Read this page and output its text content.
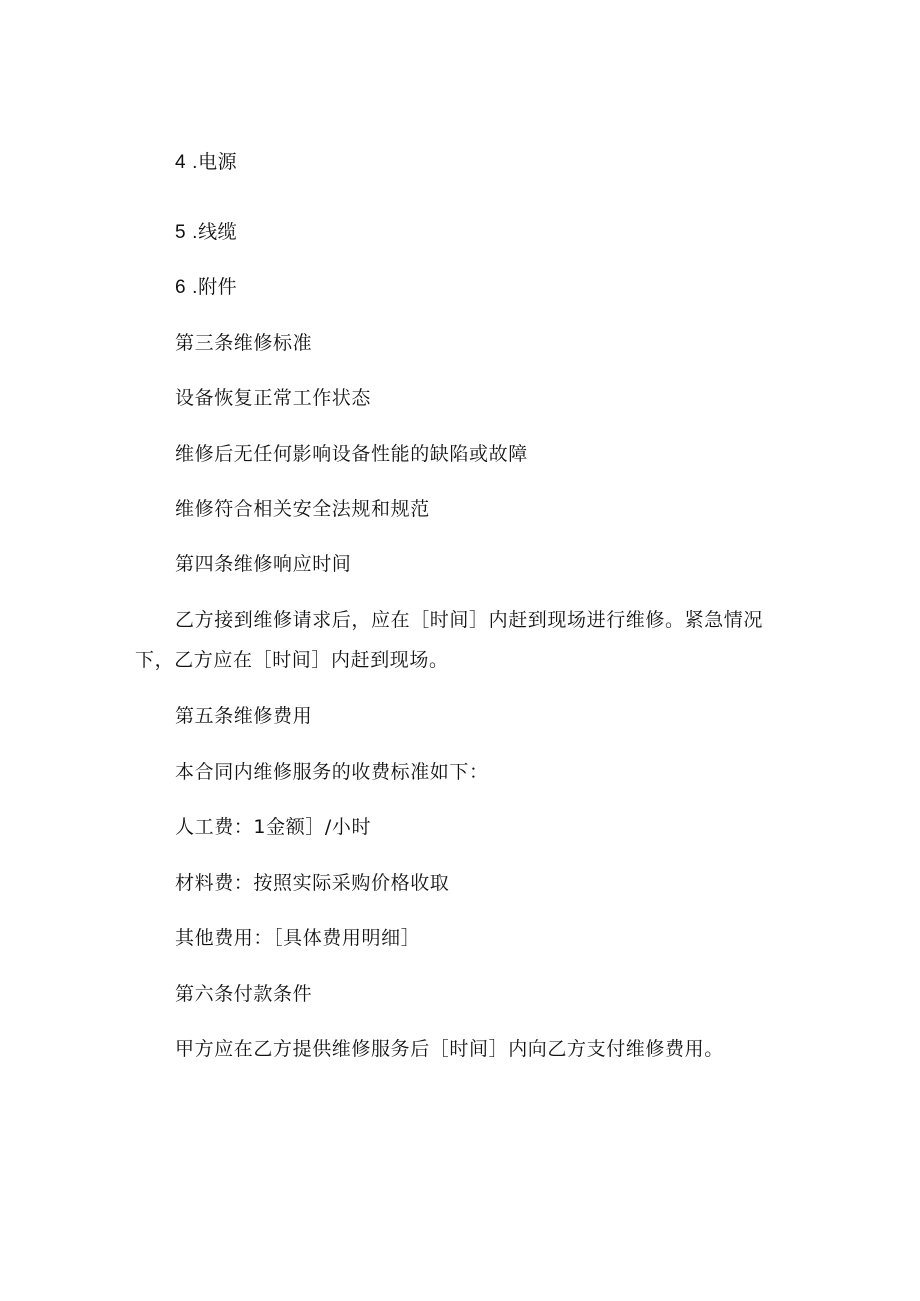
4 .电源
5 .线缆
6 .附件
第三条维修标准
设备恢复正常工作状态
维修后无任何影响设备性能的缺陷或故障
维修符合相关安全法规和规范
第四条维修响应时间
乙方接到维修请求后，应在［时间］内赶到现场进行维修。紧急情况
下，乙方应在［时间］内赶到现场。
第五条维修费用
本合同内维修服务的收费标准如下：
人工费：1金额］/小时
材料费：按照实际采购价格收取
其他费用：［具体费用明细］
第六条付款条件
甲方应在乙方提供维修服务后［时间］内向乙方支付维修费用。
